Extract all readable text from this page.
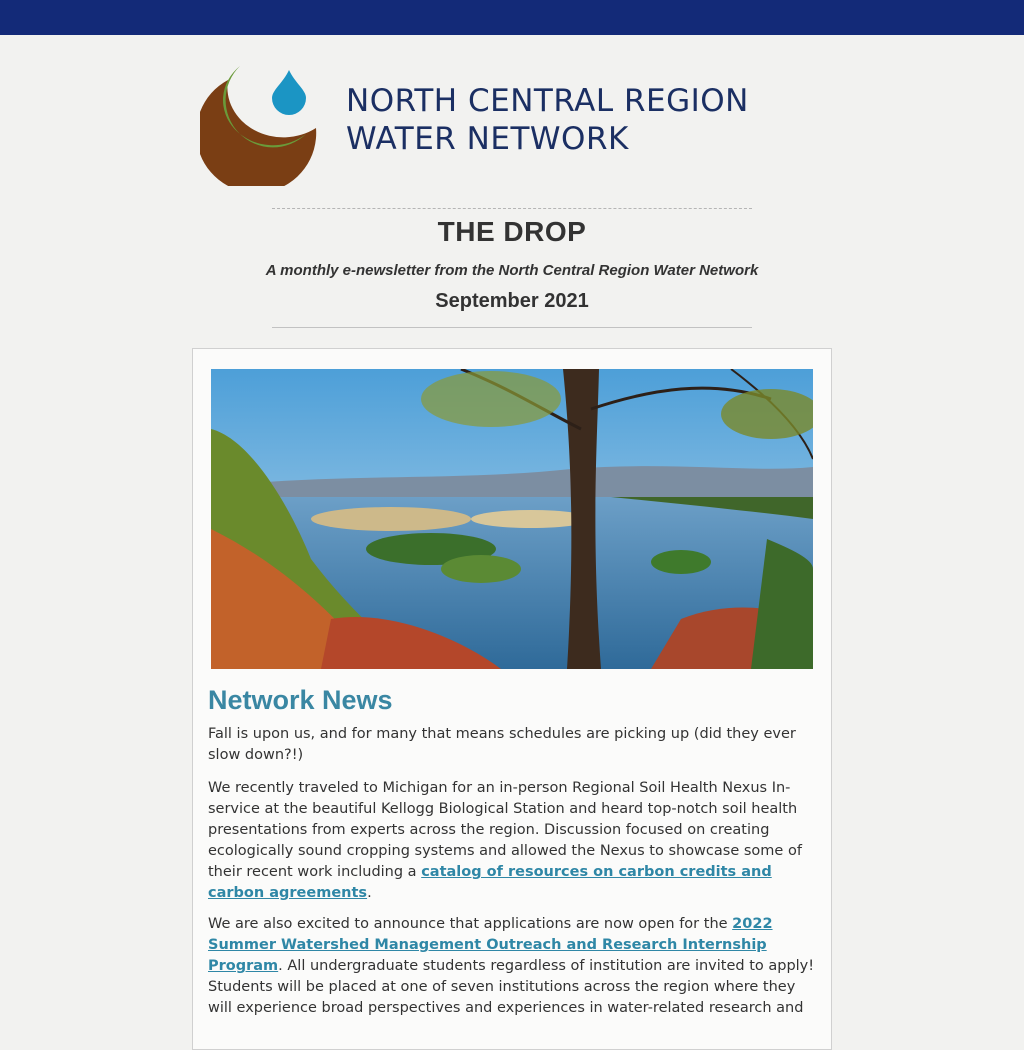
NORTH CENTRAL REGION
WATER NETWORK
THE DROP
A monthly e-newsletter from the North Central Region Water Network
September 2021
Network News

Fall is upon us, and for many that means schedules are picking up (did they ever slow down?!)

We recently traveled to Michigan for an in-person Regional Soil Health Nexus In-service at the beautiful Kellogg Biological Station and heard top-notch soil health presentations from experts across the region. Discussion focused on creating ecologically sound cropping systems and allowed the Nexus to showcase some of their recent work including a catalog of resources on carbon credits and carbon agreements.

We are also excited to announce that applications are now open for the 2022 Summer Watershed Management Outreach and Research Internship Program. All undergraduate students regardless of institution are invited to apply! Students will be placed at one of seven institutions across the region where they will experience broad perspectives and experiences in water-related research and
